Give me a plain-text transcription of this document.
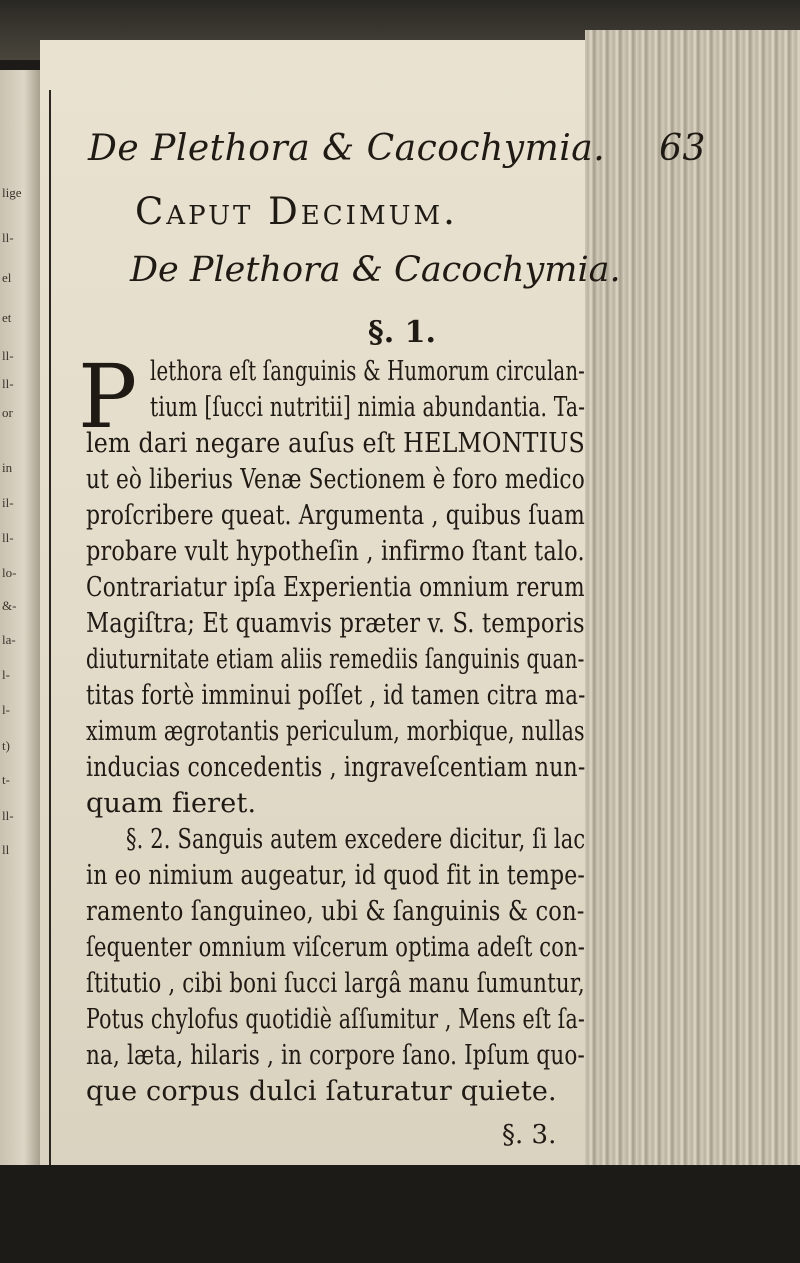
lige
ll-
el
et
ll-
ll-
or
in
il-
ll-
lo-
&-
la-
l-
l-
t)
t-
ll-
ll
De Plethora & Cacochymia. 63
Caput Decimum.
De Plethora & Cacochymia.
§. 1.
P lethora eſt ſanguinis & Humorum circulan-
tium [ſucci nutritii] nimia abundantia. Ta-
lem dari negare auſus eſt HELMONTIUS
ut eò liberius Venæ Sectionem è foro medico
proſcribere queat. Argumenta , quibus ſuam
probare vult hypotheſin , infirmo ſtant talo.
Contrariatur ipſa Experientia omnium rerum
Magiſtra; Et quamvis præter v. S. temporis
diuturnitate etiam aliis remediis ſanguinis quan-
titas fortè imminui poſſet , id tamen citra ma-
ximum ægrotantis periculum, morbique, nullas
inducias concedentis , ingraveſcentiam nun-
quam fieret.
§. 2. Sanguis autem excedere dicitur, ſi lac
in eo nimium augeatur, id quod fit in tempe-
ramento ſanguineo, ubi & ſanguinis & con-
ſequenter omnium viſcerum optima adeſt con-
ſtitutio , cibi boni ſucci largâ manu ſumuntur,
Potus chylofus quotidiè aſſumitur , Mens eſt ſa-
na, læta, hilaris , in corpore ſano. Ipſum quo-
que corpus dulci ſaturatur quiete.
§. 3.
